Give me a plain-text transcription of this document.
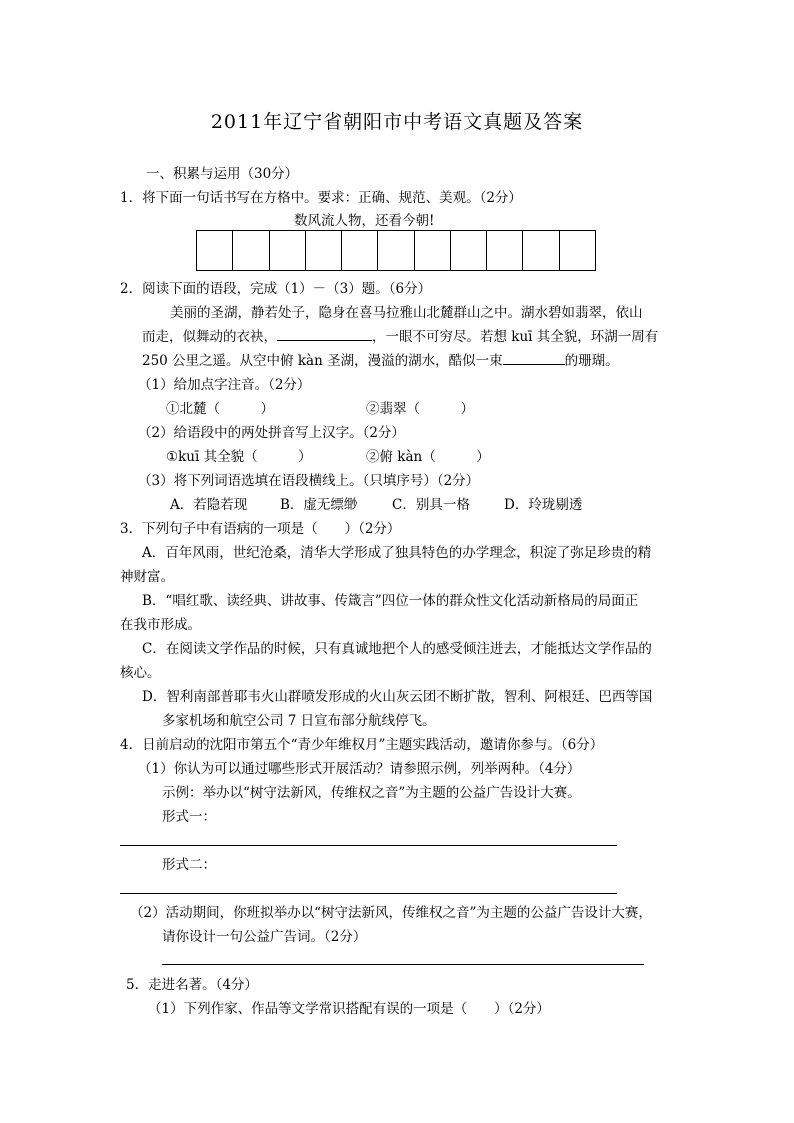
2011年辽宁省朝阳市中考语文真题及答案
一、积累与运用（30分）
1．将下面一句话书写在方格中。要求：正确、规范、美观。（2分）
数风流人物，还看今朝!
2．阅读下面的语段，完成（1）－（3）题。（6分）
美丽的圣湖，静若处子，隐身在喜马拉雅山北麓群山之中。湖水碧如翡翠，依山
而走，似舞动的衣袂，	，一眼不可穷尽。若想 kuī 其全貌，环湖一周有
250 公里之遥。从空中俯 kàn 圣湖，漫溢的湖水，酷似一束	的珊瑚。
（1）给加点字注音。（2分）
①北麓（　　　）	②翡翠（　　　）
（2）给语段中的两处拼音写上汉字。（2分）
①kuī 其全貌（　　　）	②俯 kàn（　　　）
（3）将下列词语选填在语段横线上。（只填序号）（2分）
A．若隐若现 B．虚无缥缈	C．别具一格	D．玲珑剔透
3．下列句子中有语病的一项是（　　）（2分）
A．百年风雨，世纪沧桑，清华大学形成了独具特色的办学理念，积淀了弥足珍贵的精
神财富。
B．“唱红歌、读经典、讲故事、传箴言”四位一体的群众性文化活动新格局的局面正
在我市形成。
C．在阅读文学作品的时候，只有真诚地把个人的感受倾注进去，才能抵达文学作品的
核心。
D．智利南部普耶韦火山群喷发形成的火山灰云团不断扩散，智利、阿根廷、巴西等国
多家机场和航空公司 7 日宣布部分航线停飞。
4．日前启动的沈阳市第五个“青少年维权月”主题实践活动，邀请你参与。（6分）
（1）你认为可以通过哪些形式开展活动？请参照示例，列举两种。（4分）
示例：举办以“树守法新风，传维权之音”为主题的公益广告设计大赛。
形式一：
形式二：
（2）活动期间，你班拟举办以“树守法新风，传维权之音”为主题的公益广告设计大赛，
请你设计一句公益广告词。（2分）
5．走进名著。（4分）
（1）下列作家、作品等文学常识搭配有误的一项是（　　）（2分）
